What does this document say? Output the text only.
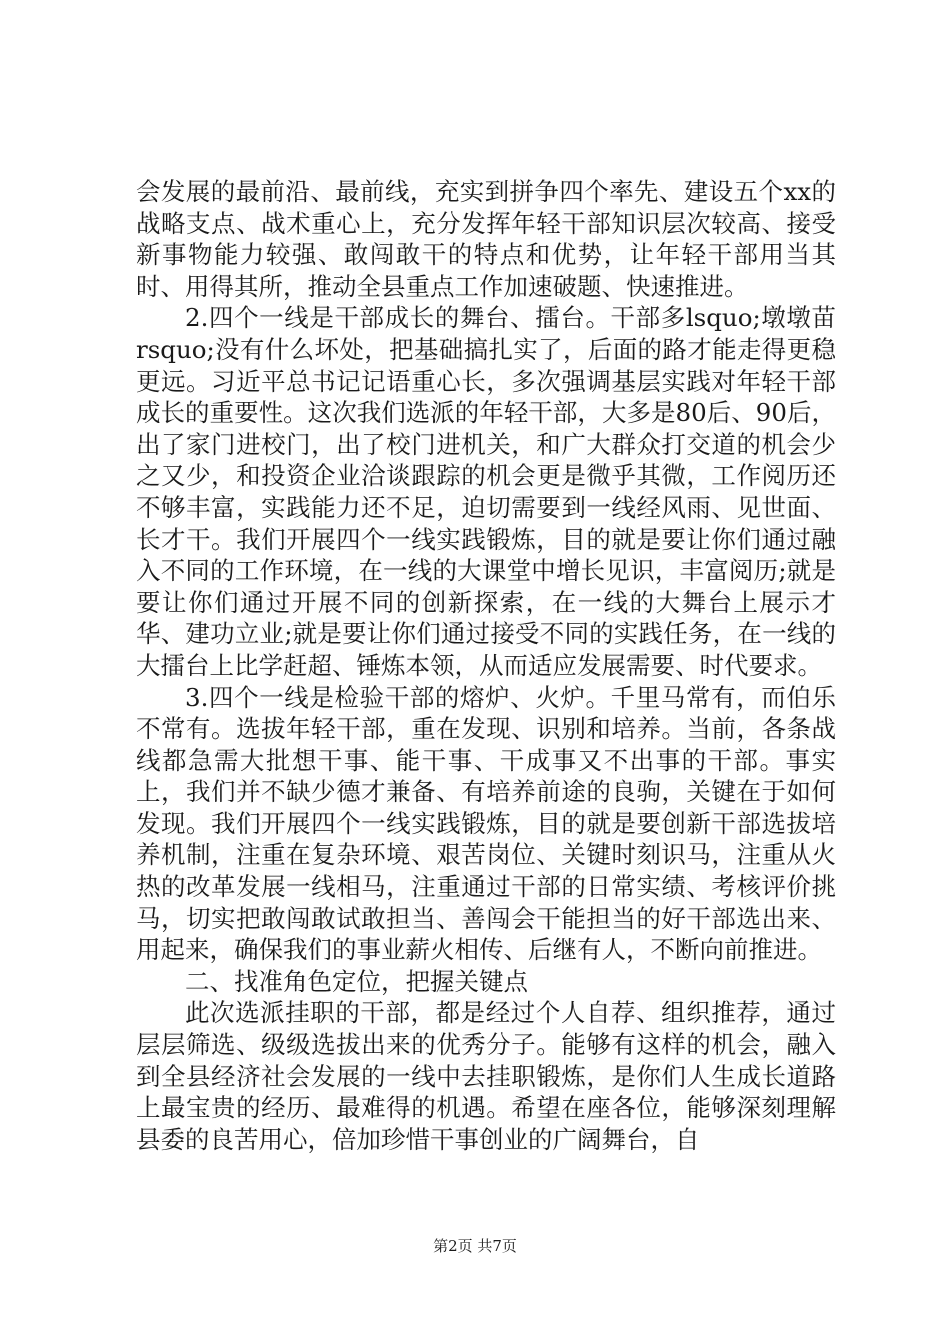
会发展的最前沿、最前线，充实到拼争四个率先、建设五个xx的战略支点、战术重心上，充分发挥年轻干部知识层次较高、接受新事物能力较强、敢闯敢干的特点和优势，让年轻干部用当其时、用得其所，推动全县重点工作加速破题、快速推进。

2.四个一线是干部成长的舞台、擂台。干部多lsquo;墩墩苗rsquo;没有什么坏处，把基础搞扎实了，后面的路才能走得更稳更远。习近平总书记记语重心长，多次强调基层实践对年轻干部成长的重要性。这次我们选派的年轻干部，大多是80后、90后，出了家门进校门，出了校门进机关，和广大群众打交道的机会少之又少，和投资企业洽谈跟踪的机会更是微乎其微，工作阅历还不够丰富，实践能力还不足，迫切需要到一线经风雨、见世面、长才干。我们开展四个一线实践锻炼，目的就是要让你们通过融入不同的工作环境，在一线的大课堂中增长见识，丰富阅历;就是要让你们通过开展不同的创新探索，在一线的大舞台上展示才华、建功立业;就是要让你们通过接受不同的实践任务，在一线的大擂台上比学赶超、锤炼本领，从而适应发展需要、时代要求。

3.四个一线是检验干部的熔炉、火炉。千里马常有，而伯乐不常有。选拔年轻干部，重在发现、识别和培养。当前，各条战线都急需大批想干事、能干事、干成事又不出事的干部。事实上，我们并不缺少德才兼备、有培养前途的良驹，关键在于如何发现。我们开展四个一线实践锻炼，目的就是要创新干部选拔培养机制，注重在复杂环境、艰苦岗位、关键时刻识马，注重从火热的改革发展一线相马，注重通过干部的日常实绩、考核评价挑马，切实把敢闯敢试敢担当、善闯会干能担当的好干部选出来、用起来，确保我们的事业薪火相传、后继有人，不断向前推进。

二、找准角色定位，把握关键点

此次选派挂职的干部，都是经过个人自荐、组织推荐，通过层层筛选、级级选拔出来的优秀分子。能够有这样的机会，融入到全县经济社会发展的一线中去挂职锻炼，是你们人生成长道路上最宝贵的经历、最难得的机遇。希望在座各位，能够深刻理解县委的良苦用心，倍加珍惜干事创业的广阔舞台，自

第2页 共7页
